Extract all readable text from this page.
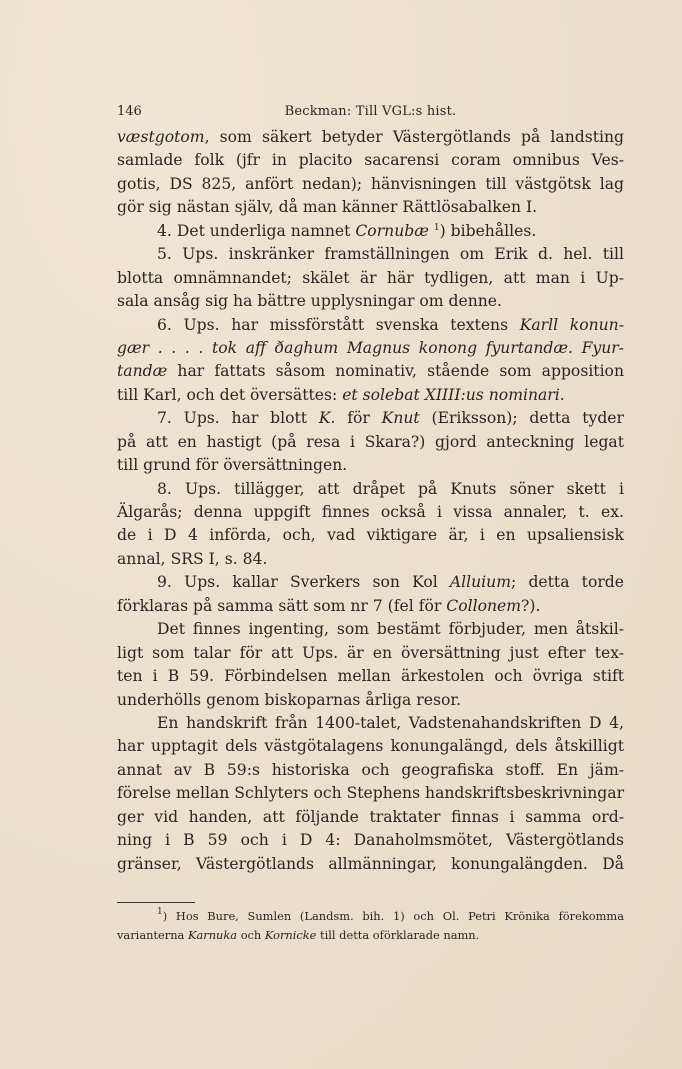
146	Beckman: Till VGL:s hist.
væstgotom, som säkert betyder Västergötlands på landsting
samlade folk (jfr in placito sacarensi coram omnibus Ves-
gotis, DS 825, anfört nedan); hänvisningen till västgötsk lag
gör sig nästan själv, då man känner Rättlösabalken I.
4. Det underliga namnet Cornubæ $^1$) bibehålles.
5. Ups. inskränker framställningen om Erik d. hel. till
blotta omnämnandet; skälet är här tydligen, att man i Up-
sala ansåg sig ha bättre upplysningar om denne.
6. Ups. har missförstått svenska textens Karll konun-
gær . . . . tok aff ðaghum Magnus konong fyurtandæ. Fyur-
tandæ har fattats såsom nominativ, stående som apposition
till Karl, och det översättes: et solebat XIIII:us nominari.
7. Ups. har blott K. för Knut (Eriksson); detta tyder
på att en hastigt (på resa i Skara?) gjord anteckning legat
till grund för översättningen.
8. Ups. tillägger, att dråpet på Knuts söner skett i
Älgarås; denna uppgift finnes också i vissa annaler, t. ex.
de i D 4 införda, och, vad viktigare är, i en upsaliensisk
annal, SRS I, s. 84.
9. Ups. kallar Sverkers son Kol Alluium; detta torde
förklaras på samma sätt som nr 7 (fel för Collonem?).
Det finnes ingenting, som bestämt förbjuder, men åtskil-
ligt som talar för att Ups. är en översättning just efter tex-
ten i B 59. Förbindelsen mellan ärkestolen och övriga stift
underhölls genom biskoparnas årliga resor.
En handskrift från 1400-talet, Vadstenahandskriften D 4,
har upptagit dels västgötalagens konungalängd, dels åtskilligt
annat av B 59:s historiska och geografiska stoff. En jäm-
förelse mellan Schlyters och Stephens handskriftsbeskrivningar
ger vid handen, att följande traktater finnas i samma ord-
ning i B 59 och i D 4: Danaholmsmötet, Västergötlands
gränser, Västergötlands allmänningar, konungalängden. Då
$^1$) Hos Bure, Sumlen (Landsm. bih. 1) och Ol. Petri Krönika förekomma
varianterna Karnuka och Kornicke till detta oförklarade namn.
